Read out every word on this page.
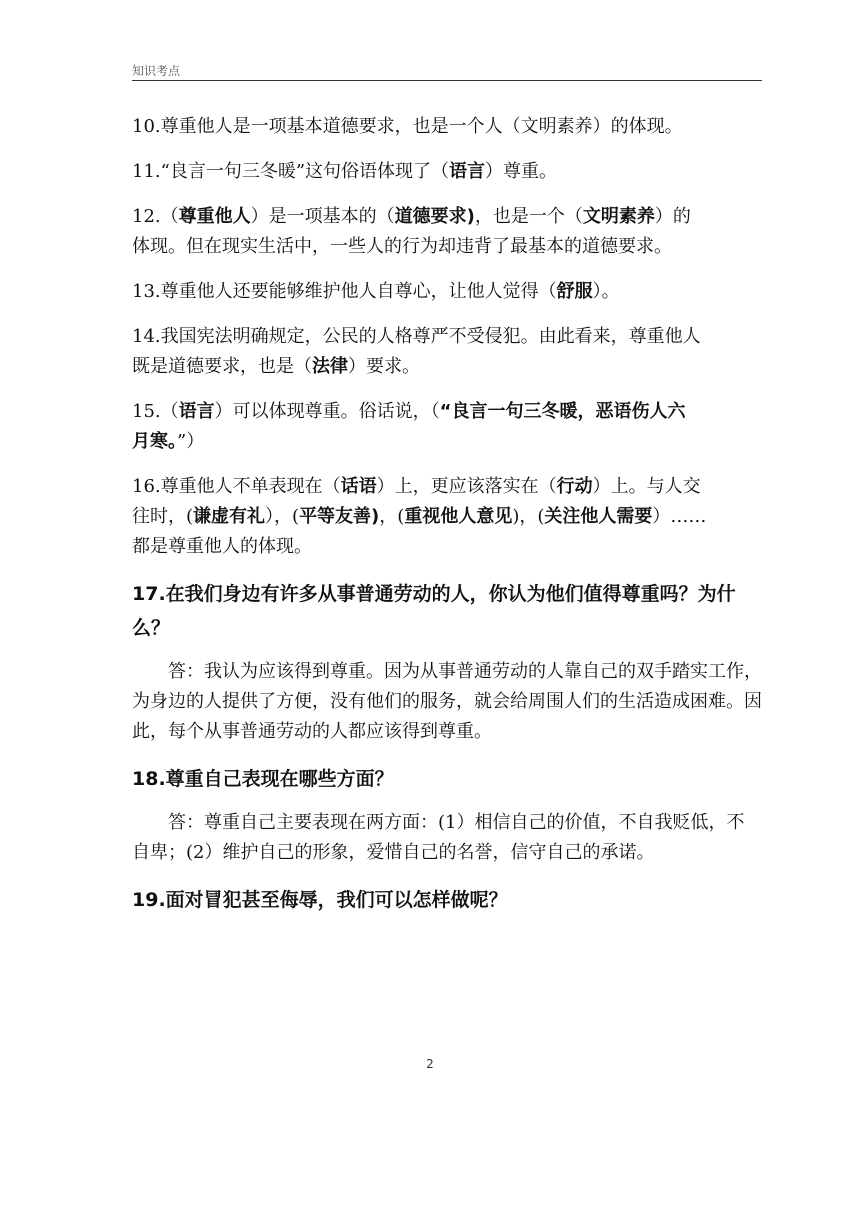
知识考点
10.尊重他人是一项基本道德要求，也是一个人（文明素养）的体现。
11.“良言一句三冬暖”这句俗语体现了（语言）尊重。
12.（尊重他人）是一项基本的（道德要求)，也是一个（文明素养）的
体现。但在现实生活中，一些人的行为却违背了最基本的道德要求。
13.尊重他人还要能够维护他人自尊心，让他人觉得（舒服）。
14.我国宪法明确规定，公民的人格尊严不受侵犯。由此看来，尊重他人
既是道德要求，也是（法律）要求。
15.（语言）可以体现尊重。俗话说，（“良言一句三冬暖，恶语伤人六
月寒。”）
16.尊重他人不单表现在（话语）上，更应该落实在（行动）上。与人交
往时，(谦虚有礼），(平等友善)，(重视他人意见)，(关注他人需要）……
都是尊重他人的体现。
17.在我们身边有许多从事普通劳动的人，你认为他们值得尊重吗？为什
么？
答：我认为应该得到尊重。因为从事普通劳动的人靠自己的双手踏实工作，为身边的人提供了方便，没有他们的服务，就会给周围人们的生活造成困难。因此，每个从事普通劳动的人都应该得到尊重。
18.尊重自己表现在哪些方面？
答：尊重自己主要表现在两方面：(1）相信自己的价值，不自我贬低，不自卑；(2）维护自己的形象，爱惜自己的名誉，信守自己的承诺。
19.面对冒犯甚至侮辱，我们可以怎样做呢？
2
